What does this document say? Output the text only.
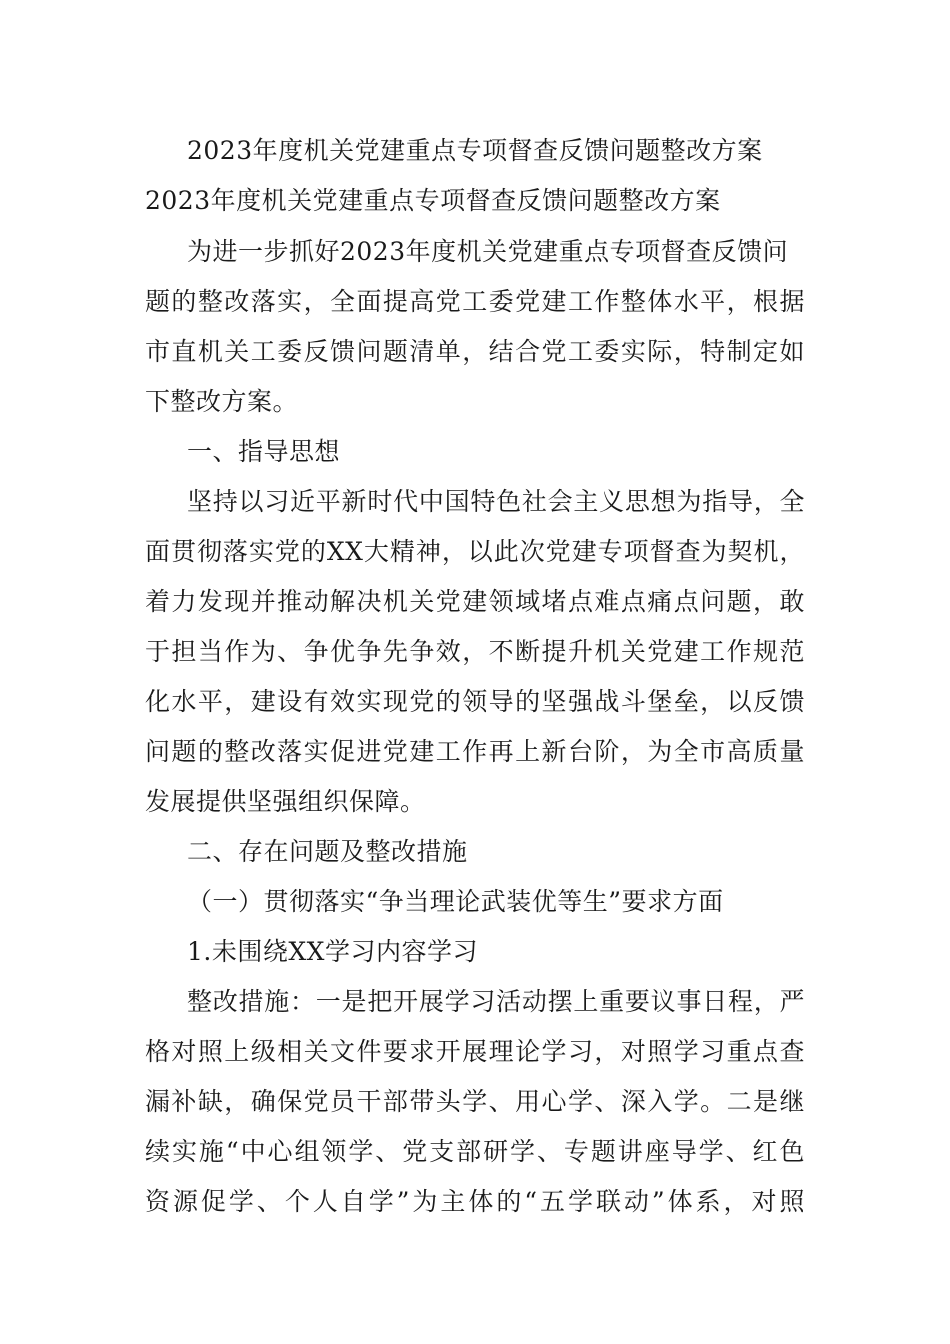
2023年度机关党建重点专项督查反馈问题整改方案
2023年度机关党建重点专项督查反馈问题整改方案
为进一步抓好2023年度机关党建重点专项督查反馈问
题的整改落实，全面提高党工委党建工作整体水平，根据
市直机关工委反馈问题清单，结合党工委实际，特制定如
下整改方案。
一、指导思想
坚持以习近平新时代中国特色社会主义思想为指导，全
面贯彻落实党的XX大精神，以此次党建专项督查为契机，
着力发现并推动解决机关党建领域堵点难点痛点问题，敢
于担当作为、争优争先争效，不断提升机关党建工作规范
化水平，建设有效实现党的领导的坚强战斗堡垒，以反馈
问题的整改落实促进党建工作再上新台阶，为全市高质量
发展提供坚强组织保障。
二、存在问题及整改措施
（一）贯彻落实“争当理论武装优等生”要求方面
1.未围绕XX学习内容学习
整改措施：一是把开展学习活动摆上重要议事日程，严
格对照上级相关文件要求开展理论学习，对照学习重点查
漏补缺，确保党员干部带头学、用心学、深入学。二是继
续实施“中心组领学、党支部研学、专题讲座导学、红色
资源促学、个人自学”为主体的“五学联动”体系，对照
